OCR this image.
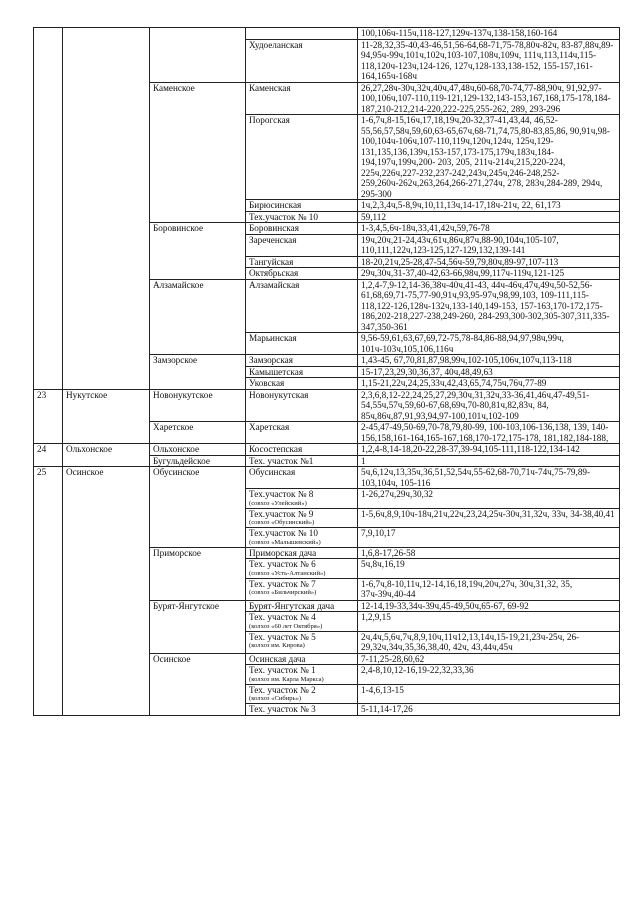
				100,106ч-115ч,118-127,129ч-137ч,138-158,160-164
			Худоеланская	11-28,32,35-40,43-46,51,56-64,68-71,75-78,80ч-82ч, 83-87,88ч,89-94,95ч-99ч,101ч,102ч,103-107,108ч,109ч, 111ч,113,114ч,115-118,120ч-123ч,124-126, 127ч,128-133,138-152, 155-157,161-164,165ч-168ч
		Каменское	Каменская	26,27,28ч-30ч,32ч,40ч,47,48ч,60-68,70-74,77-88,90ч, 91,92,97-100,106ч,107-110,119-121,129-132,143-153,167,168,175-178,184-187,210-212,214-220,222-225,255-262, 289, 293-296
			Порогская	1-6,7ч,8-15,16ч,17,18,19ч,20-32,37-41,43,44, 46,52-55,56,57,58ч,59,60,63-65,67ч,68-71,74,75,80-83,85,86, 90,91ч,98-100,104ч-106ч,107-110,119ч,120ч,124ч, 125ч,129-131,135,136,139ч,153-157,173-175,179ч,183ч,184-194,197ч,199ч,200- 203, 205, 211ч-214ч,215,220-224, 225ч,226ч,227-232,237-242,243ч,245ч,246-248,252-259,260ч-262ч,263,264,266-271,274ч, 278, 283ч,284-289, 294ч, 295-300
			Бирюсинская	1ч,2,3,4ч,5-8,9ч,10,11,13ч,14-17,18ч-21ч, 22, 61,173
			Тех.участок № 10	59,112
		Боровинское	Боровинская	1-3,4,5,6ч-18ч,33,41,42ч,59,76-78
			Зареченская	19ч,20ч,21-24,43ч,61ч,86ч,87ч,88-90,104ч,105-107, 110,111,122ч,123-125,127-129,132,139-141
			Тангуйская	18-20,21ч,25-28,47-54,56ч-59,79,80ч,89-97,107-113
			Октябрьская	29ч,30ч,31-37,40-42,63-66,98ч,99,117ч-119ч,121-125
		Алзамайское	Алзамайская	1,2,4-7,9-12,14-36,38ч-40ч,41-43, 44ч-46ч,47ч,49ч,50-52,56-61,68,69,71-75,77-90,91ч,93,95-97ч,98,99,103, 109-111,115-118,122-126,128ч-132ч,133-140,149-153, 157-163,170-172,175-186,202-218,227-238,249-260, 284-293,300-302,305-307,311,335-347,350-361
			Марьинская	9,56-59,61,63,67,69,72-75,78-84,86-88,94,97,98ч,99ч, 101ч-103ч,105,106,116ч
		Замзорское	Замзорская	1,43-45, 67,70,81,87,98,99ч,102-105,106ч,107ч,113-118
			Камышетская	15-17,23,29,30,36,37, 40ч,48,49,63
			Уковская	1,15-21,22ч,24,25,33ч,42,43,65,74,75ч,76ч,77-89
23	Нукутское	Новонукутское	Новонукутская	2,3,6,8,12-22,24,25,27,29,30ч,31,32ч,33-36,41,46ч,47-49,51-54,55ч,57ч,59,60-67,68,69ч,70-80,81ч,82,83ч, 84, 85ч,86ч,87,91,93,94,97-100,101ч,102-109
		Харетское	Харетская	2-45,47-49,50-69,70-78,79,80-99, 100-103,106-136,138, 139, 140-156,158,161-164,165-167,168,170-172,175-178, 181,182,184-188,
24	Ольхонское	Ольхонское	Косостепская	1,2,4-8,14-18,20-22,28-37,39-94,105-111,118-122,134-142
		Бугульдейское	Тех. участок №1	1
25	Осинское	Обусинское	Обусинская	5ч,6,12ч,13,35ч,36,51,52,54ч,55-62,68-70,71ч-74ч,75-79,89-103,104ч, 105-116
			Тех.участок № 8
(совхоз «Улейский»)	1-26,27ч,29ч,30,32
			Тех.участок № 9
(совхоз «Обусинский»)	1-5,6ч,8,9,10ч-18ч,21ч,22ч,23,24,25ч-30ч,31,32ч, 33ч, 34-38,40,41
			Тех.участок № 10
(совхоз «Малышевский»)	7,9,10,17
		Приморское	Приморская дача	1,6,8-17,26-58
			Тех. участок № 6
(совхоз «Усть-Алтанский»)	5ч,8ч,16,19
			Тех. участок № 7
(совхоз «Бильчирский»)	1-6,7ч,8-10,11ч,12-14,16,18,19ч,20ч,27ч, 30ч,31,32, 35, 37ч-39ч,40-44
		Бурят-Янгутское	Бурят-Янгутская дача	12-14,19-33,34ч-39ч,45-49,50ч,65-67, 69-92
			Тех. участок № 4
(колхоз «60 лет Октября»)	1,2,9,15
			Тех. участок № 5
(колхоз им. Кирова)	2ч,4ч,5,6ч,7ч,8,9,10ч,11ч12,13,14ч,15-19,21,23ч-25ч, 26-29,32ч,34ч,35,36,38,40, 42ч, 43,44ч,45ч
		Осинское	Осинская дача	7-11,25-28,60,62
			Тех. участок № 1
(колхоз им. Карла Маркса)	2,4-8,10,12-16,19-22,32,33,36
			Тех. участок № 2
(колхоз «Сибирь»)	1-4,6,13-15
			Тех. участок № 3	5-11,14-17,26
